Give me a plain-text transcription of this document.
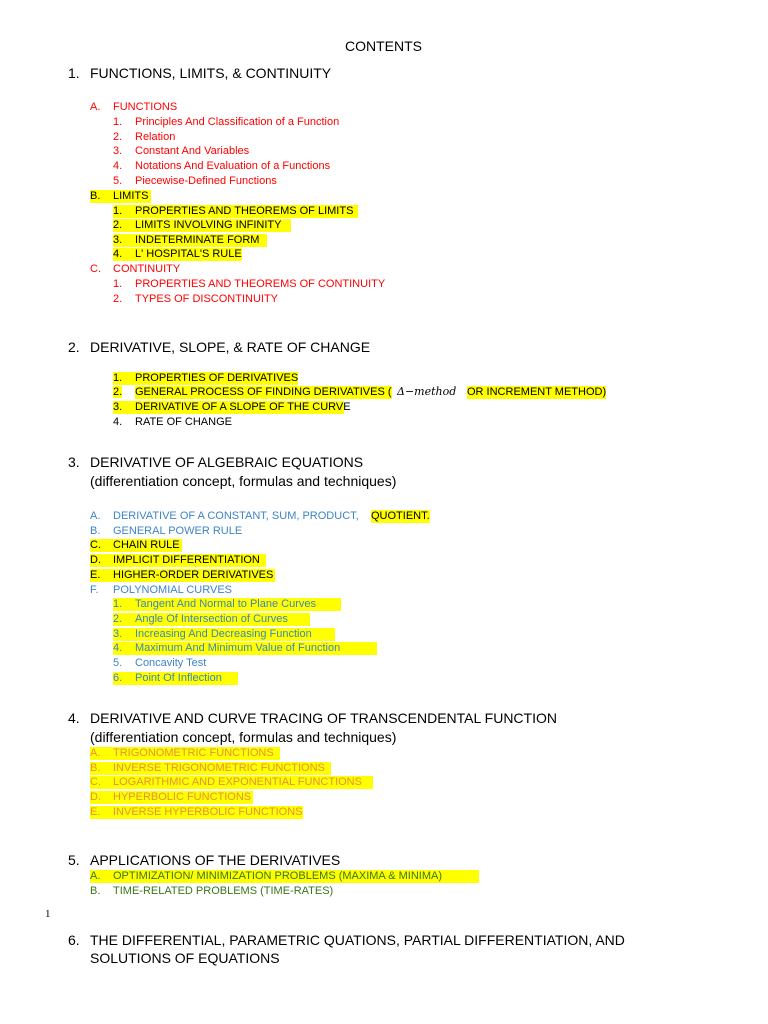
CONTENTS
1. FUNCTIONS, LIMITS, & CONTINUITY
A. FUNCTIONS
1. Principles And Classification of a Function
2. Relation
3. Constant And Variables
4. Notations And Evaluation of a Functions
5. Piecewise-Defined Functions
B. LIMITS
1. PROPERTIES AND THEOREMS OF LIMITS
2. LIMITS INVOLVING INFINITY
3. INDETERMINATE FORM
4. L' HOSPITAL'S RULE
C. CONTINUITY
1. PROPERTIES AND THEOREMS OF CONTINUITY
2. TYPES OF DISCONTINUITY
2. DERIVATIVE, SLOPE, & RATE OF CHANGE
1. PROPERTIES OF DERIVATIVES
2. GENERAL PROCESS OF FINDING DERIVATIVES ( Δ−method OR INCREMENT METHOD)
3. DERIVATIVE OF A SLOPE OF THE CURVE
4. RATE OF CHANGE
3. DERIVATIVE OF ALGEBRAIC EQUATIONS
(differentiation concept, formulas and techniques)
A. DERIVATIVE OF A CONSTANT, SUM, PRODUCT, QUOTIENT.
B. GENERAL POWER RULE
C. CHAIN RULE
D. IMPLICIT DIFFERENTIATION
E. HIGHER-ORDER DERIVATIVES
F. POLYNOMIAL CURVES
1. Tangent And Normal to Plane Curves
2. Angle Of Intersection of Curves
3. Increasing And Decreasing Function
4. Maximum And Minimum Value of Function
5. Concavity Test
6. Point Of Inflection
4. DERIVATIVE AND CURVE TRACING OF TRANSCENDENTAL FUNCTION
(differentiation concept, formulas and techniques)
A. TRIGONOMETRIC FUNCTIONS
B. INVERSE TRIGONOMETRIC FUNCTIONS
C. LOGARITHMIC AND EXPONENTIAL FUNCTIONS
D. HYPERBOLIC FUNCTIONS
E. INVERSE HYPERBOLIC FUNCTIONS
5. APPLICATIONS OF THE DERIVATIVES
A. OPTIMIZATION/ MINIMIZATION PROBLEMS (MAXIMA & MINIMA)
B. TIME-RELATED PROBLEMS (TIME-RATES)
1
6. THE DIFFERENTIAL, PARAMETRIC QUATIONS, PARTIAL DIFFERENTIATION, AND
SOLUTIONS OF EQUATIONS
